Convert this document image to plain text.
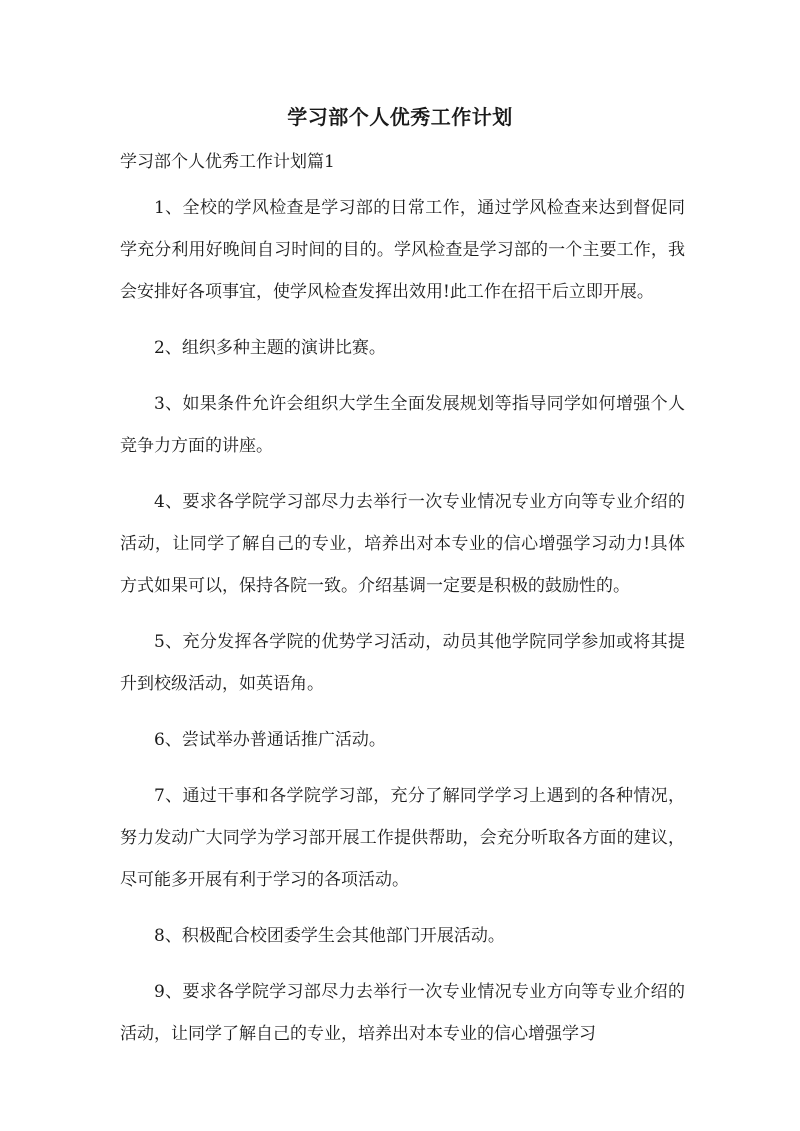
学习部个人优秀工作计划
学习部个人优秀工作计划篇1

1、全校的学风检查是学习部的日常工作，通过学风检查来达到督促同学充分利用好晚间自习时间的目的。学风检查是学习部的一个主要工作，我会安排好各项事宜，使学风检查发挥出效用!此工作在招干后立即开展。

2、组织多种主题的演讲比赛。

3、如果条件允许会组织大学生全面发展规划等指导同学如何增强个人竞争力方面的讲座。

4、要求各学院学习部尽力去举行一次专业情况专业方向等专业介绍的活动，让同学了解自己的专业，培养出对本专业的信心增强学习动力!具体方式如果可以，保持各院一致。介绍基调一定要是积极的鼓励性的。

5、充分发挥各学院的优势学习活动，动员其他学院同学参加或将其提升到校级活动，如英语角。

6、尝试举办普通话推广活动。

7、通过干事和各学院学习部，充分了解同学学习上遇到的各种情况，努力发动广大同学为学习部开展工作提供帮助，会充分听取各方面的建议，尽可能多开展有利于学习的各项活动。

8、积极配合校团委学生会其他部门开展活动。

9、要求各学院学习部尽力去举行一次专业情况专业方向等专业介绍的活动，让同学了解自己的专业，培养出对本专业的信心增强学习
